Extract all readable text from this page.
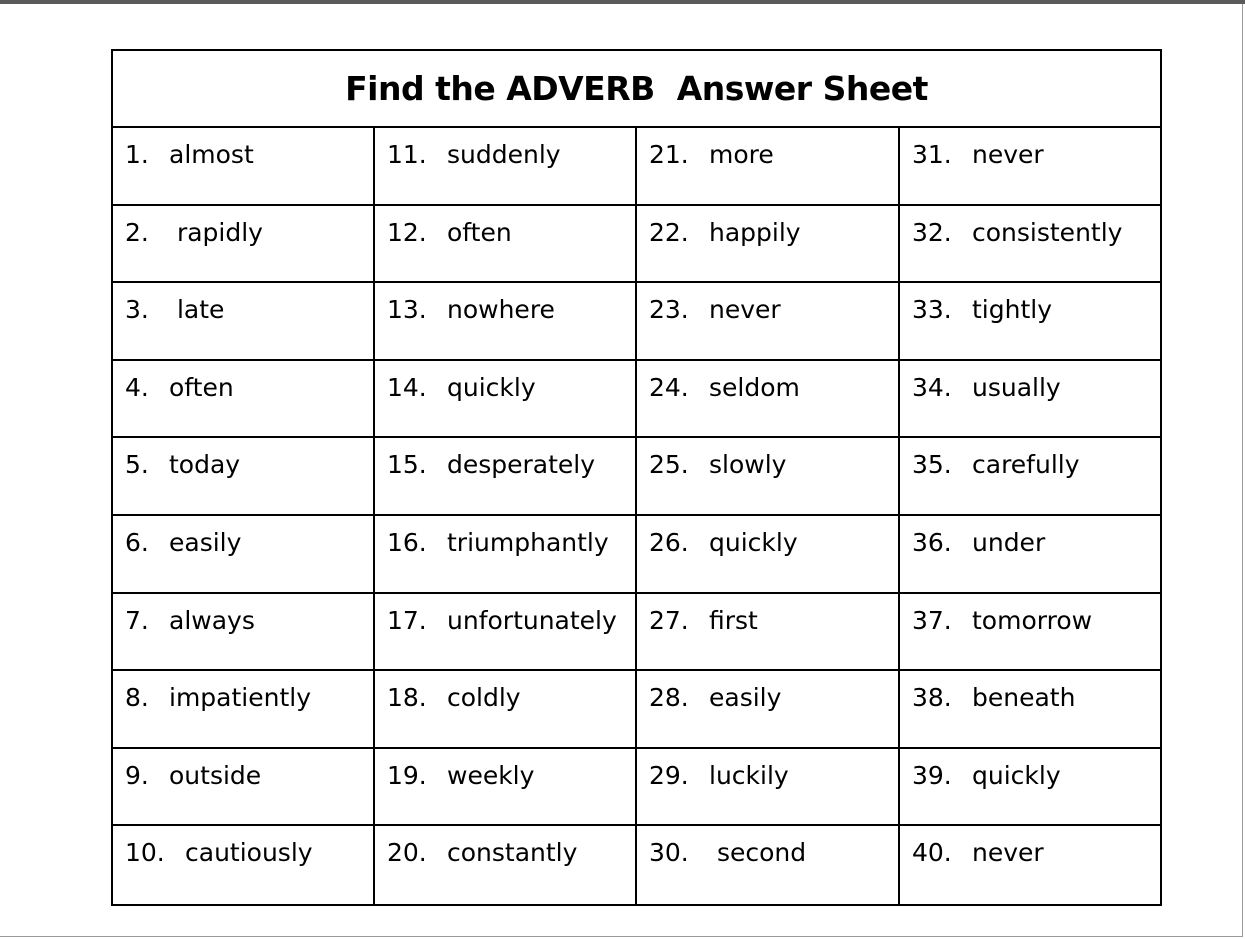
Find the ADVERB  Answer Sheet
1. almost	11. suddenly	21. more	31. never
2. rapidly	12. often	22. happily	32. consistently
3. late	13. nowhere	23. never	33. tightly
4. often	14. quickly	24. seldom	34. usually
5. today	15. desperately 25. slowly	35. carefully
6. easily	16. triumphantly 26. quickly	36. under
7. always	17. unfortunately 27. first	37. tomorrow
8. impatiently	18. coldly	28. easily	38. beneath
9. outside	19. weekly	29. luckily	39. quickly
10. cautiously	20. constantly	30. second	40. never
